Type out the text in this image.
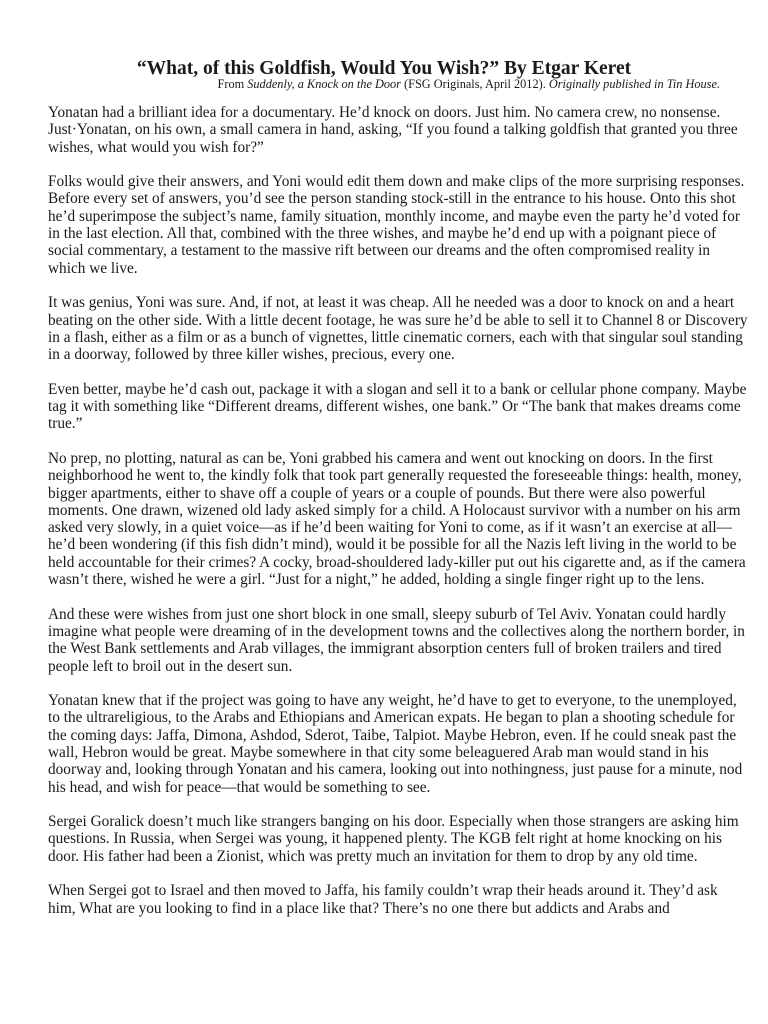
“What, of this Goldfish, Would You Wish?” By Etgar Keret
From Suddenly, a Knock on the Door (FSG Originals, April 2012). Originally published in Tin House.

Yonatan had a brilliant idea for a documentary. He’d knock on doors. Just him. No camera crew, no nonsense. Just·Yonatan, on his own, a small camera in hand, asking, “If you found a talking goldfish that granted you three wishes, what would you wish for?”

Folks would give their answers, and Yoni would edit them down and make clips of the more surprising responses. Before every set of answers, you’d see the person standing stock-still in the entrance to his house. Onto this shot he’d superimpose the subject’s name, family situation, monthly income, and maybe even the party he’d voted for in the last election. All that, combined with the three wishes, and maybe he’d end up with a poignant piece of social commentary, a testament to the massive rift between our dreams and the often compromised reality in which we live.

It was genius, Yoni was sure. And, if not, at least it was cheap. All he needed was a door to knock on and a heart beating on the other side. With a little decent footage, he was sure he’d be able to sell it to Channel 8 or Discovery in a flash, either as a film or as a bunch of vignettes, little cinematic corners, each with that singular soul standing in a doorway, followed by three killer wishes, precious, every one.

Even better, maybe he’d cash out, package it with a slogan and sell it to a bank or cellular phone company. Maybe tag it with something like “Different dreams, different wishes, one bank.” Or “The bank that makes dreams come true.”

No prep, no plotting, natural as can be, Yoni grabbed his camera and went out knocking on doors. In the first neighborhood he went to, the kindly folk that took part generally requested the foreseeable things: health, money, bigger apartments, either to shave off a couple of years or a couple of pounds. But there were also powerful moments. One drawn, wizened old lady asked simply for a child. A Holocaust survivor with a number on his arm asked very slowly, in a quiet voice—as if he’d been waiting for Yoni to come, as if it wasn’t an exercise at all—he’d been wondering (if this fish didn’t mind), would it be possible for all the Nazis left living in the world to be held accountable for their crimes? A cocky, broad-shouldered lady-killer put out his cigarette and, as if the camera wasn’t there, wished he were a girl. “Just for a night,” he added, holding a single finger right up to the lens.

And these were wishes from just one short block in one small, sleepy suburb of Tel Aviv. Yonatan could hardly imagine what people were dreaming of in the development towns and the collectives along the northern border, in the West Bank settlements and Arab villages, the immigrant absorption centers full of broken trailers and tired people left to broil out in the desert sun.

Yonatan knew that if the project was going to have any weight, he’d have to get to everyone, to the unemployed, to the ultrareligious, to the Arabs and Ethiopians and American expats. He began to plan a shooting schedule for the coming days: Jaffa, Dimona, Ashdod, Sderot, Taibe, Talpiot. Maybe Hebron, even. If he could sneak past the wall, Hebron would be great. Maybe somewhere in that city some beleaguered Arab man would stand in his doorway and, looking through Yonatan and his camera, looking out into nothingness, just pause for a minute, nod his head, and wish for peace—that would be something to see.

Sergei Goralick doesn’t much like strangers banging on his door. Especially when those strangers are asking him questions. In Russia, when Sergei was young, it happened plenty. The KGB felt right at home knocking on his door. His father had been a Zionist, which was pretty much an invitation for them to drop by any old time.

When Sergei got to Israel and then moved to Jaffa, his family couldn’t wrap their heads around it. They’d ask him, What are you looking to find in a place like that? There’s no one there but addicts and Arabs and
